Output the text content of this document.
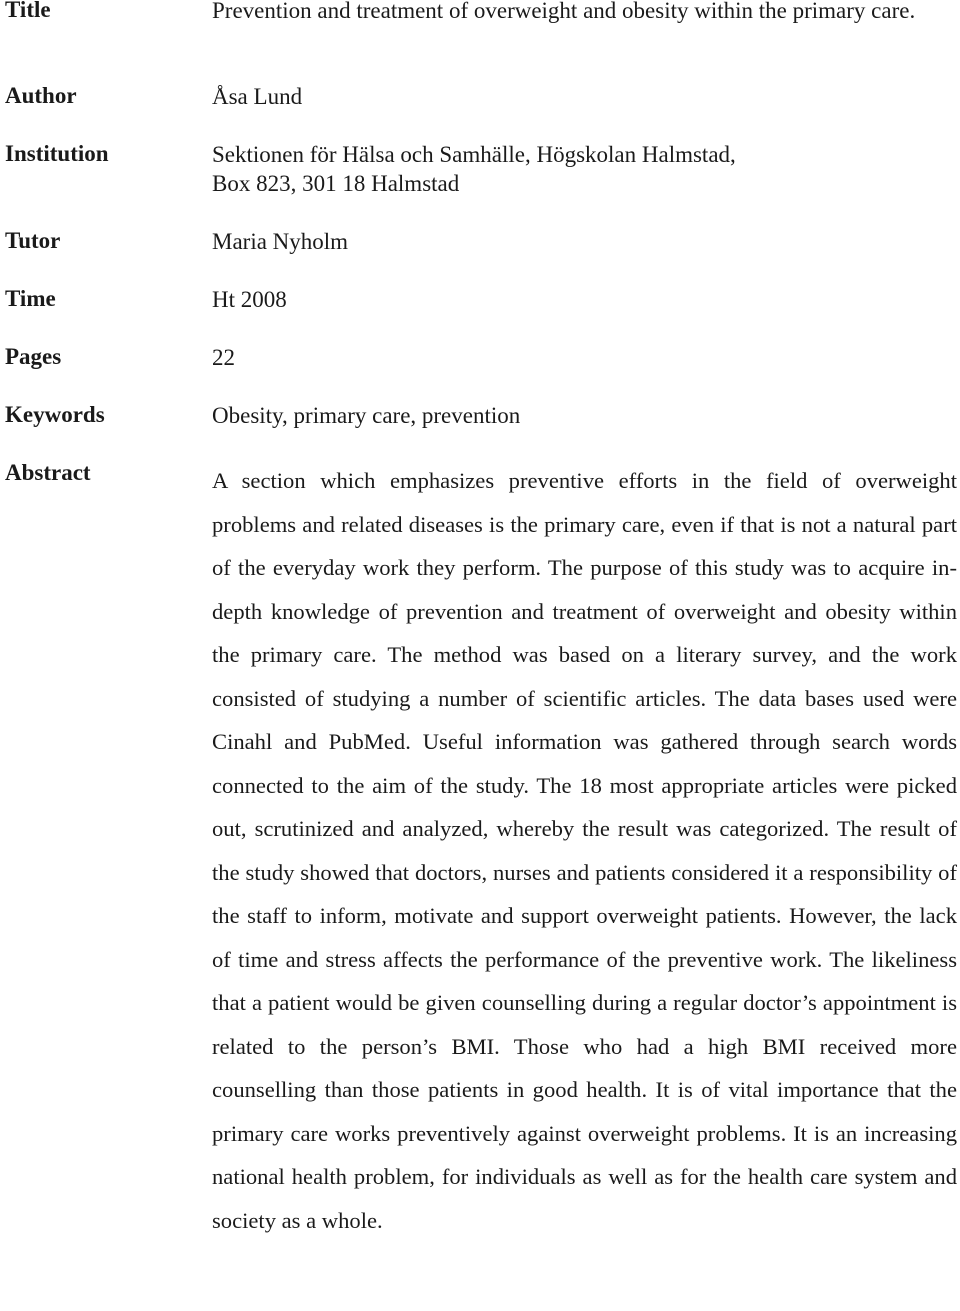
Title	Prevention and treatment of overweight and obesity within the primary care.
Author	Åsa Lund
Institution	Sektionen för Hälsa och Samhälle, Högskolan Halmstad,
Box 823, 301 18 Halmstad
Tutor	Maria Nyholm
Time	Ht 2008
Pages	22
Keywords	Obesity, primary care, prevention
Abstract	A section which emphasizes preventive efforts in the field of overweight problems and related diseases is the primary care, even if that is not a natural part of the everyday work they perform. The purpose of this study was to acquire in-depth knowledge of prevention and treatment of overweight and obesity within the primary care. The method was based on a literary survey, and the work consisted of studying a number of scientific articles. The data bases used were Cinahl and PubMed. Useful information was gathered through search words connected to the aim of the study. The 18 most appropriate articles were picked out, scrutinized and analyzed, whereby the result was categorized. The result of the study showed that doctors, nurses and patients considered it a responsibility of the staff to inform, motivate and support overweight patients. However, the lack of time and stress affects the performance of the preventive work. The likeliness that a patient would be given counselling during a regular doctor’s appointment is related to the person’s BMI. Those who had a high BMI received more counselling than those patients in good health. It is of vital importance that the primary care works preventively against overweight problems. It is an increasing national health problem, for individuals as well as for the health care system and society as a whole.
